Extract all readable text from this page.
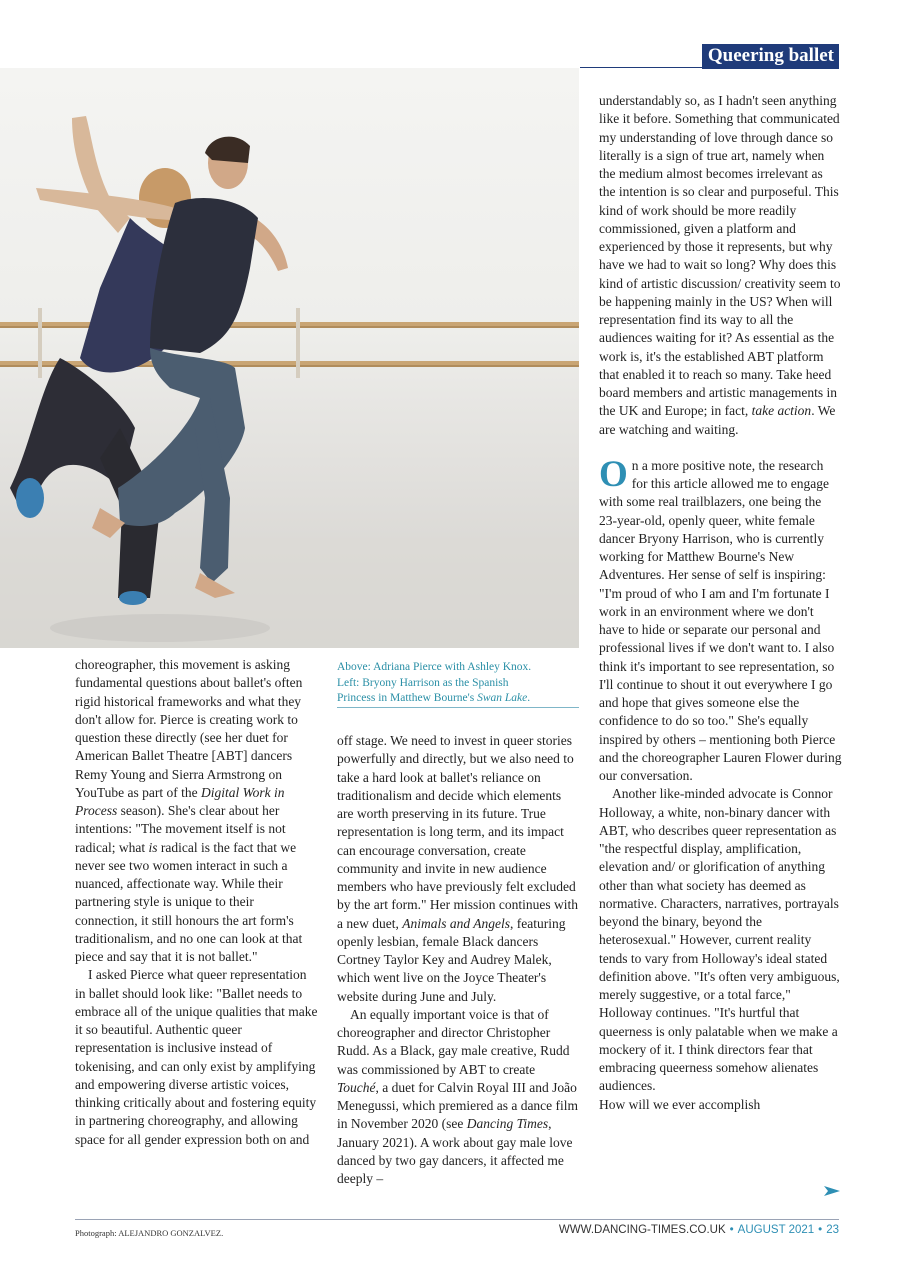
Queering ballet
Above: Adriana Pierce with Ashley Knox.
Left: Bryony Harrison as the Spanish
Princess in Matthew Bourne's Swan Lake.

choreographer, this movement is asking fundamental questions about ballet's often rigid historical frameworks and what they don't allow for. Pierce is creating work to question these directly (see her duet for American Ballet Theatre [ABT] dancers Remy Young and Sierra Armstrong on YouTube as part of the Digital Work in Process season). She's clear about her intentions: "The movement itself is not radical; what is radical is the fact that we never see two women interact in such a nuanced, affectionate way. While their partnering style is unique to their connection, it still honours the art form's traditionalism, and no one can look at that piece and say that it is not ballet."

I asked Pierce what queer representation in ballet should look like: "Ballet needs to embrace all of the unique qualities that make it so beautiful. Authentic queer representation is inclusive instead of tokenising, and can only exist by amplifying and empowering diverse artistic voices, thinking critically about and fostering equity in partnering choreography, and allowing space for all gender expression both on and

off stage. We need to invest in queer stories powerfully and directly, but we also need to take a hard look at ballet's reliance on traditionalism and decide which elements are worth preserving in its future. True representation is long term, and its impact can encourage conversation, create community and invite in new audience members who have previously felt excluded by the art form." Her mission continues with a new duet, Animals and Angels, featuring openly lesbian, female Black dancers Cortney Taylor Key and Audrey Malek, which went live on the Joyce Theater's website during June and July.

An equally important voice is that of choreographer and director Christopher Rudd. As a Black, gay male creative, Rudd was commissioned by ABT to create Touché, a duet for Calvin Royal III and João Menegussi, which premiered as a dance film in November 2020 (see Dancing Times, January 2021). A work about gay male love danced by two gay dancers, it affected me deeply –

understandably so, as I hadn't seen anything like it before. Something that communicated my understanding of love through dance so literally is a sign of true art, namely when the medium almost becomes irrelevant as the intention is so clear and purposeful. This kind of work should be more readily commissioned, given a platform and experienced by those it represents, but why have we had to wait so long? Why does this kind of artistic discussion/ creativity seem to be happening mainly in the US? When will representation find its way to all the audiences waiting for it? As essential as the work is, it's the established ABT platform that enabled it to reach so many. Take heed board members and artistic managements in the UK and Europe; in fact, take action. We are watching and waiting.

On a more positive note, the research for this article allowed me to engage with some real trailblazers, one being the 23-year-old, openly queer, white female dancer Bryony Harrison, who is currently working for Matthew Bourne's New Adventures. Her sense of self is inspiring: "I'm proud of who I am and I'm fortunate I work in an environment where we don't have to hide or separate our personal and professional lives if we don't want to. I also think it's important to see representation, so I'll continue to shout it out everywhere I go and hope that gives someone else the confidence to do so too." She's equally inspired by others – mentioning both Pierce and the choreographer Lauren Flower during our conversation.

Another like-minded advocate is Connor Holloway, a white, non-binary dancer with ABT, who describes queer representation as "the respectful display, amplification, elevation and/ or glorification of anything other than what society has deemed as normative. Characters, narratives, portrayals beyond the binary, beyond the heterosexual." However, current reality tends to vary from Holloway's ideal stated definition above. "It's often very ambiguous, merely suggestive, or a total farce," Holloway continues. "It's hurtful that queerness is only palatable when we make a mockery of it. I think directors fear that embracing queerness somehow alienates audiences.

How will we ever accomplish

Photograph: ALEJANDRO GONZALVEZ.	WWW.DANCING-TIMES.CO.UK • AUGUST 2021 • 23
